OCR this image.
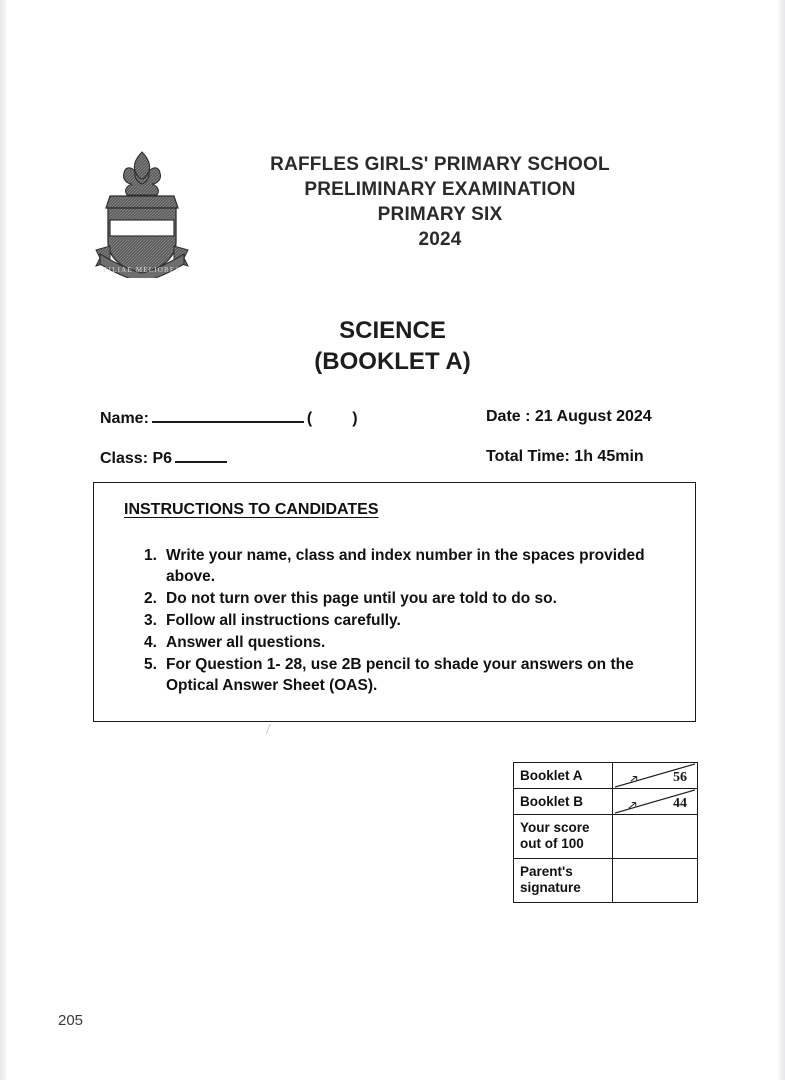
FILIAE MELIORES
RAFFLES GIRLS' PRIMARY SCHOOL
PRELIMINARY EXAMINATION
PRIMARY SIX
2024
SCIENCE
(BOOKLET A)
Name:	(	)
Class: P6
Date : 21 August 2024
Total Time: 1h 45min
INSTRUCTIONS TO CANDIDATES
Write your name, class and index number in the spaces provided above.
Do not turn over this page until you are told to do so.
Follow all instructions carefully.
Answer all questions.
For Question 1- 28, use 2B pencil to shade your answers on the Optical Answer Sheet (OAS).
/
Booklet A	56

Booklet B	44

Your score out of 100	
Parent's signature	
205
